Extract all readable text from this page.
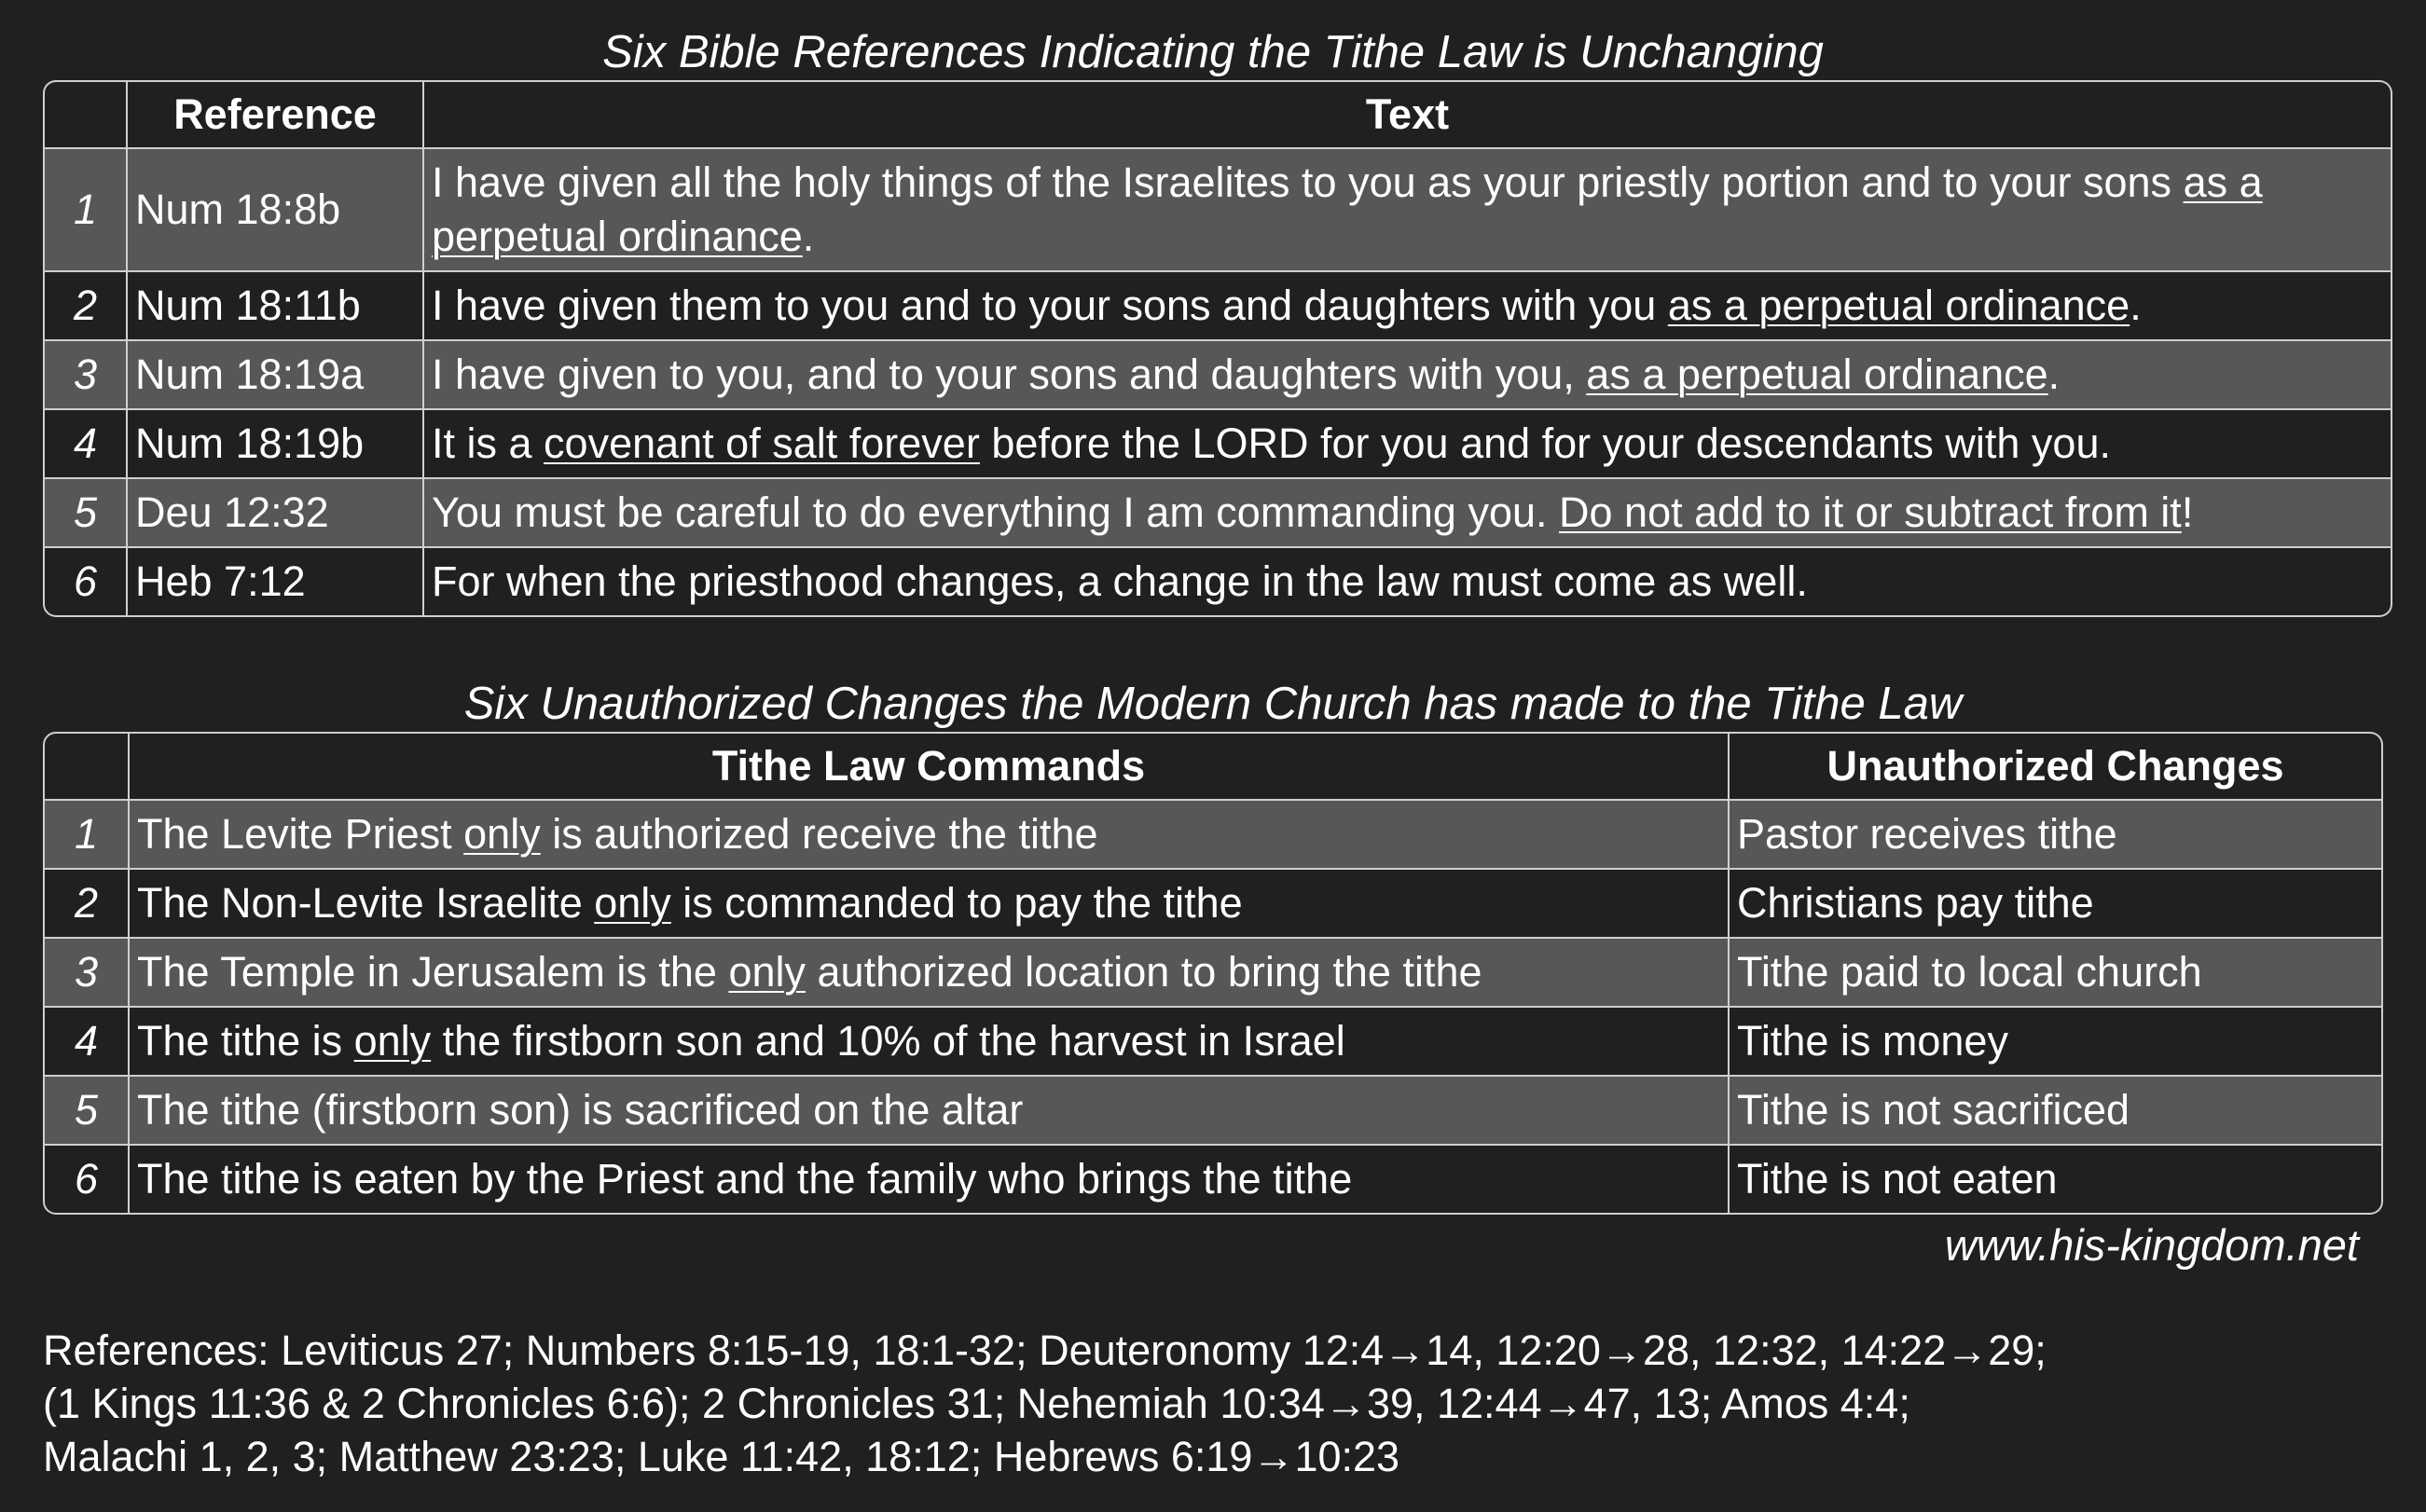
Six Bible References Indicating the Tithe Law is Unchanging
	Reference	Text
1	Num 18:8b	I have given all the holy things of the Israelites to you as your priestly portion and to your sons as a perpetual ordinance.
2	Num 18:11b	I have given them to you and to your sons and daughters with you as a perpetual ordinance.
3	Num 18:19a	I have given to you, and to your sons and daughters with you, as a perpetual ordinance.
4	Num 18:19b	It is a covenant of salt forever before the LORD for you and for your descendants with you.
5	Deu 12:32	You must be careful to do everything I am commanding you. Do not add to it or subtract from it!
6	Heb 7:12	For when the priesthood changes, a change in the law must come as well.
Six Unauthorized Changes the Modern Church has made to the Tithe Law
	Tithe Law Commands	Unauthorized Changes
1	The Levite Priest only is authorized receive the tithe	Pastor receives tithe
2	The Non-Levite Israelite only is commanded to pay the tithe	Christians pay tithe
3	The Temple in Jerusalem is the only authorized location to bring the tithe	Tithe paid to local church
4	The tithe is only the firstborn son and 10% of the harvest in Israel	Tithe is money
5	The tithe (firstborn son) is sacrificed on the altar	Tithe is not sacrificed
6	The tithe is eaten by the Priest and the family who brings the tithe	Tithe is not eaten
www.his-kingdom.net
References: Leviticus 27; Numbers 8:15-19, 18:1-32; Deuteronomy 12:4→14, 12:20→28, 12:32, 14:22→29;
(1 Kings 11:36 & 2 Chronicles 6:6); 2 Chronicles 31; Nehemiah 10:34→39, 12:44→47, 13; Amos 4:4;
Malachi 1, 2, 3; Matthew 23:23; Luke 11:42, 18:12; Hebrews 6:19→10:23
